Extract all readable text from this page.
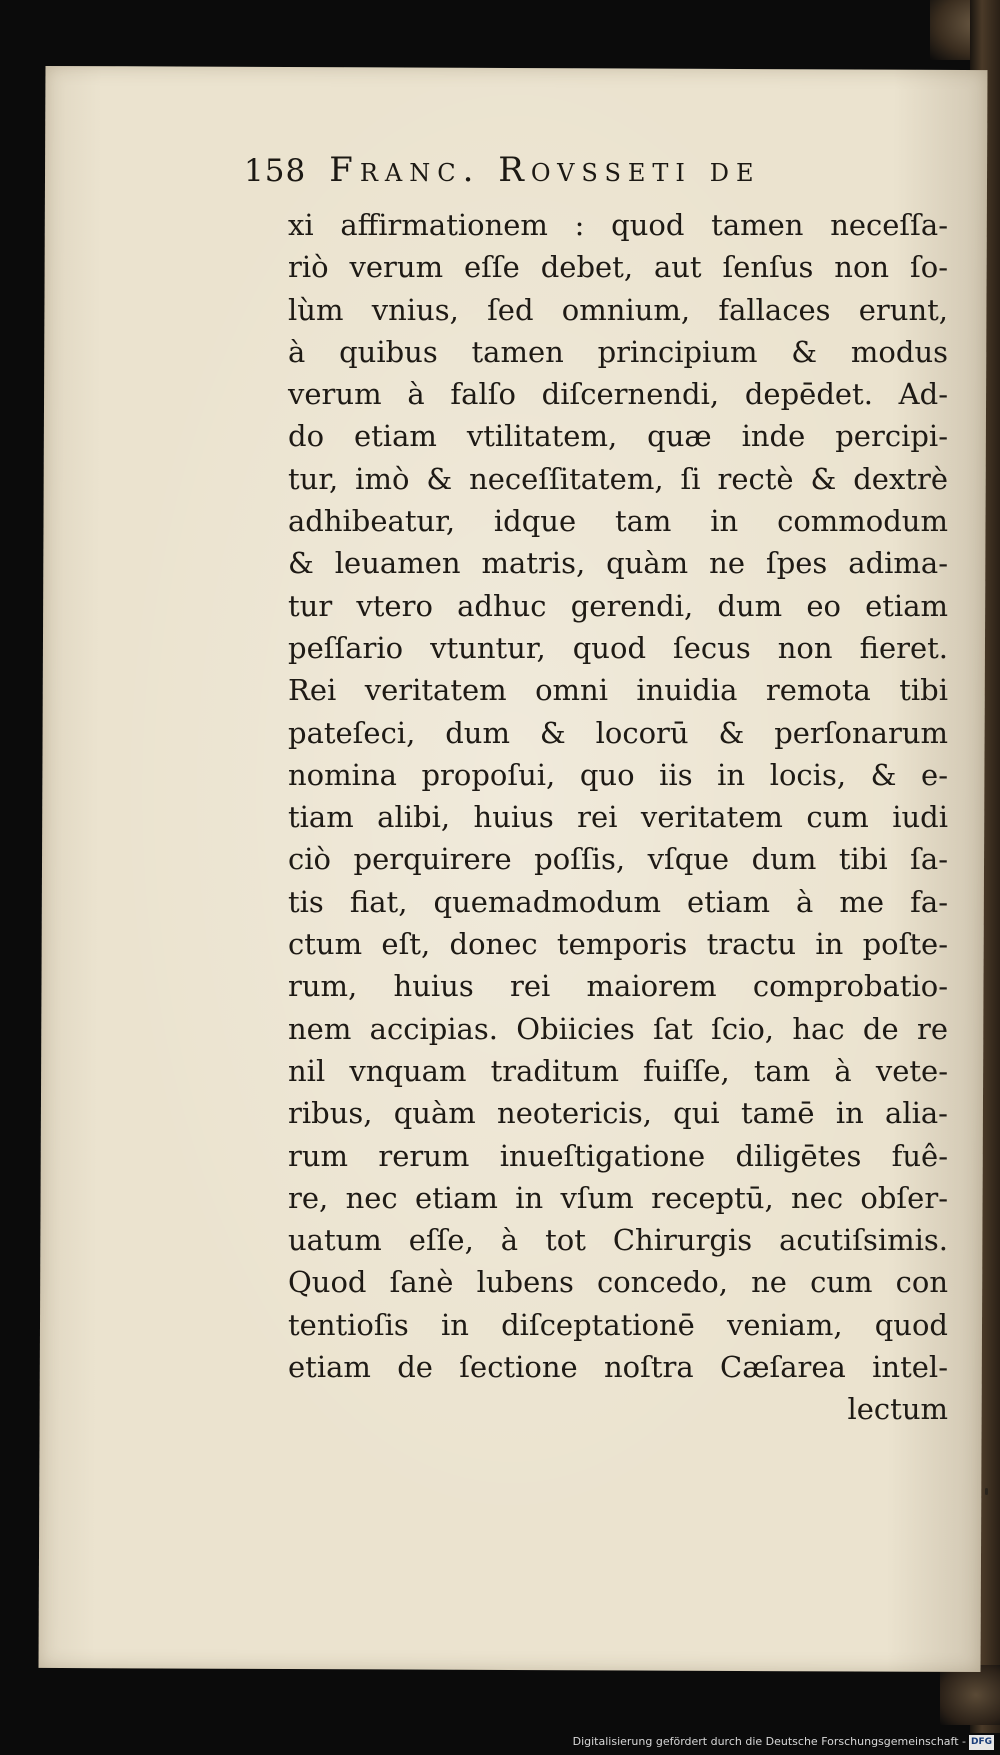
158 Franc. Rovsseti de
xi affirmationem : quod tamen neceſſa-
riò verum eſſe debet, aut ſenſus non ſo-
lùm vnius, ſed omnium, fallaces erunt,
à quibus tamen principium & modus
verum à falſo diſcernendi, depēdet. Ad-
do etiam vtilitatem, quæ inde percipi-
tur, imò & neceſſitatem, ſi rectè & dextrè
adhibeatur, idque tam in commodum
& leuamen matris, quàm ne ſpes adima-
tur vtero adhuc gerendi, dum eo etiam
peſſario vtuntur, quod ſecus non fieret.
Rei veritatem omni inuidia remota tibi
pateſeci, dum & locorū & perſonarum
nomina propoſui, quo iis in locis, & e-
tiam alibi, huius rei veritatem cum iudi
ciò perquirere poſſis, vſque dum tibi ſa-
tis fiat, quemadmodum etiam à me fa-
ctum eſt, donec temporis tractu in poſte-
rum, huius rei maiorem comprobatio-
nem accipias. Obiicies ſat ſcio, hac de re
nil vnquam traditum fuiſſe, tam à vete-
ribus, quàm neotericis, qui tamē in alia-
rum rerum inueſtigatione diligētes fuê-
re, nec etiam in vſum receptū, nec obſer-
uatum eſſe, à tot Chirurgis acutiſsimis.
Quod ſanè lubens concedo, ne cum con
tentioſis in diſceptationē veniam, quod
etiam de ſectione noſtra Cæſarea intel-
lectum
Digitalisierung gefördert durch die Deutsche Forschungsgemeinschaft - DFG
